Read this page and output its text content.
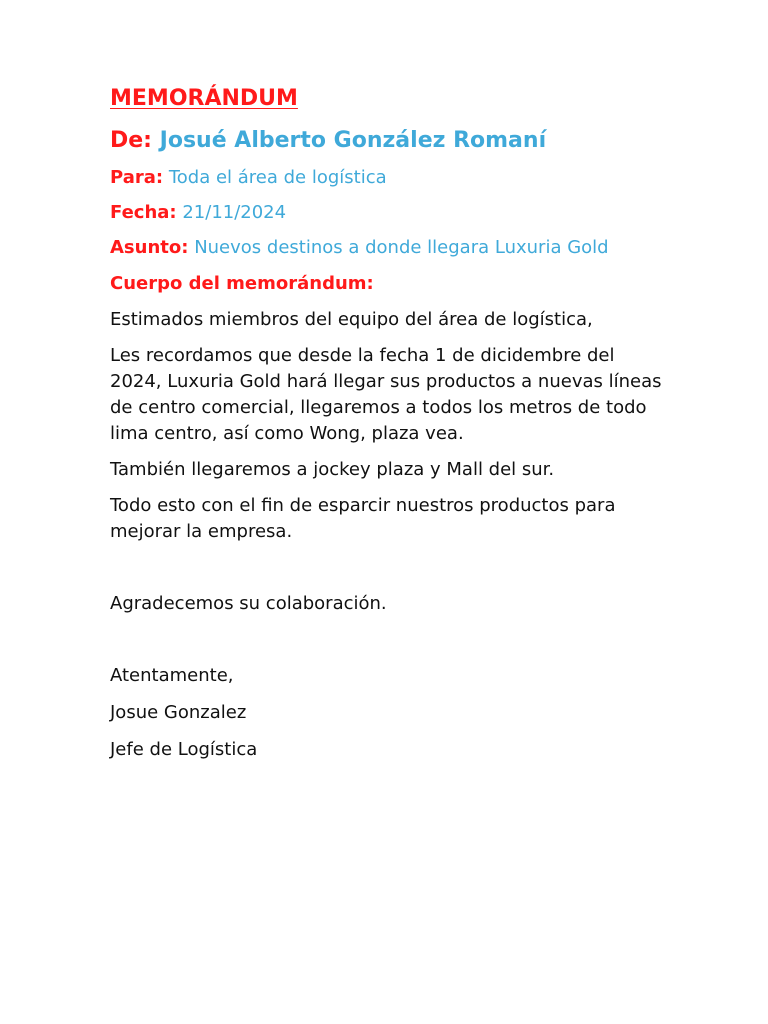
MEMORÁNDUM
De: Josué Alberto González Romaní
Para: Toda el área de logística
Fecha: 21/11/2024
Asunto: Nuevos destinos a donde llegara Luxuria Gold
Cuerpo del memorándum:

Estimados miembros del equipo del área de logística,

Les recordamos que desde la fecha 1 de dicidembre del 2024, Luxuria Gold hará llegar sus productos a nuevas líneas de centro comercial, llegaremos a todos los metros de todo lima centro, así como Wong, plaza vea.

También llegaremos a jockey plaza y Mall del sur.

Todo esto con el fin de esparcir nuestros productos para mejorar la empresa.

Agradecemos su colaboración.

Atentamente,

Josue Gonzalez

Jefe de Logística
